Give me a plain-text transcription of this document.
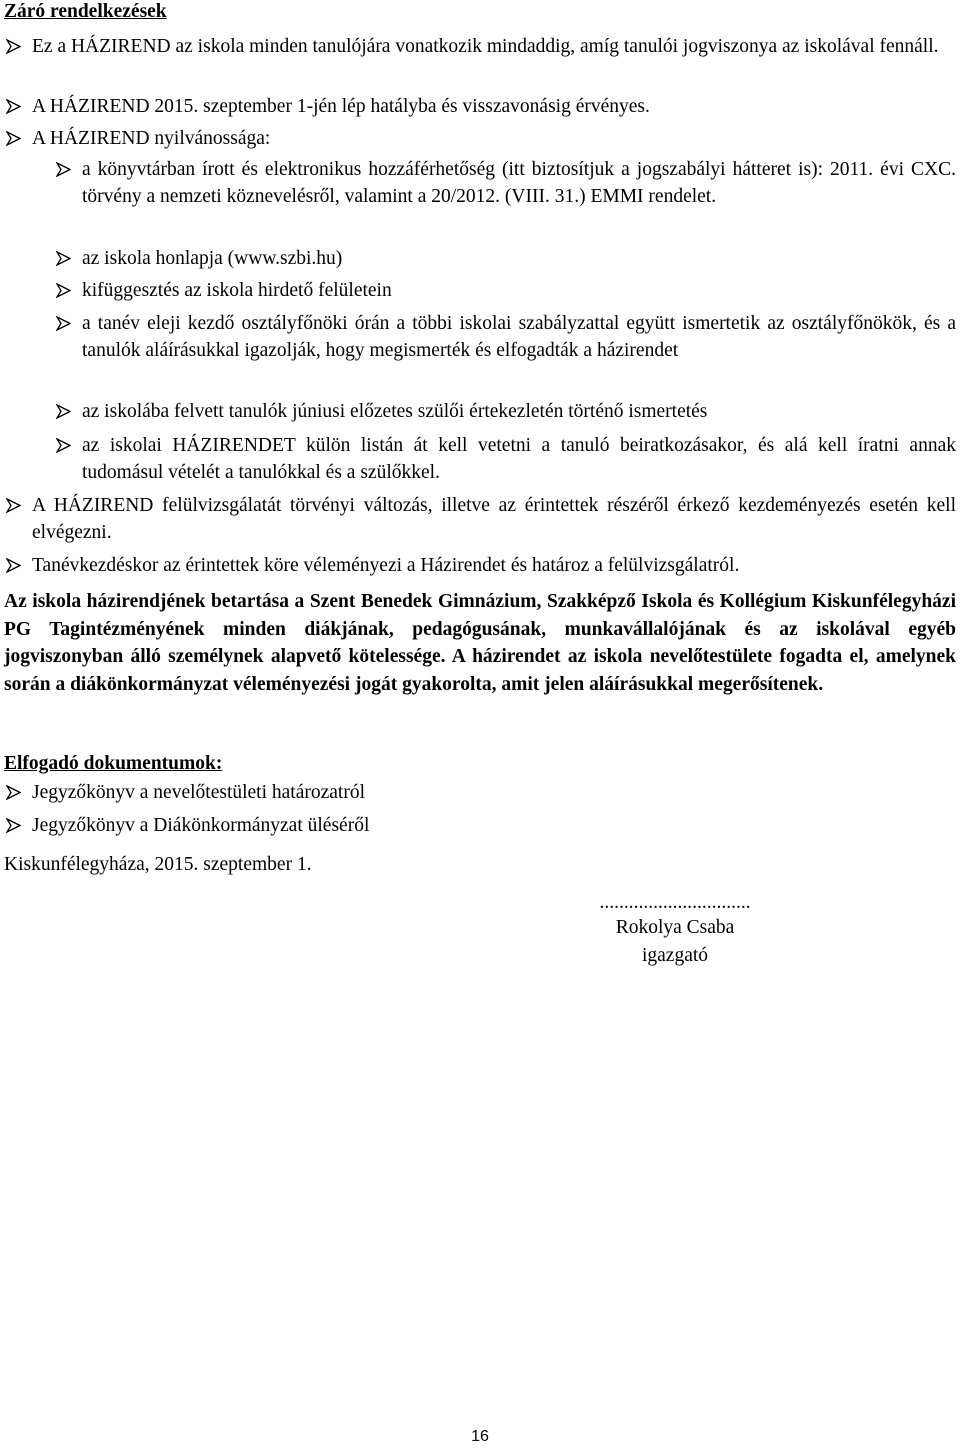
Záró rendelkezések
Ez a HÁZIREND az iskola minden tanulójára vonatkozik mindaddig, amíg tanulói jogviszonya az iskolával fennáll.
A HÁZIREND 2015. szeptember 1-jén lép hatályba és visszavonásig érvényes.
A HÁZIREND nyilvánossága:
a könyvtárban írott és elektronikus hozzáférhetőség (itt biztosítjuk a jogszabályi hátteret is): 2011. évi CXC. törvény a nemzeti köznevelésről, valamint a 20/2012. (VIII. 31.) EMMI rendelet.
az iskola honlapja (www.szbi.hu)
kifüggesztés az iskola hirdető felületein
a tanév eleji kezdő osztályfőnöki órán a többi iskolai szabályzattal együtt ismertetik az osztályfőnökök, és a tanulók aláírásukkal igazolják, hogy megismerték és elfogadták a házirendet
az iskolába felvett tanulók júniusi előzetes szülői értekezletén történő ismertetés
az iskolai HÁZIRENDET külön listán át kell vetetni a tanuló beiratkozásakor, és alá kell íratni annak tudomásul vételét a tanulókkal és a szülőkkel.
A HÁZIREND felülvizsgálatát törvényi változás, illetve az érintettek részéről érkező kezdeményezés esetén kell elvégezni.
Tanévkezdéskor az érintettek köre véleményezi a Házirendet és határoz a felülvizsgálatról.
Az iskola házirendjének betartása a Szent Benedek Gimnázium, Szakképző Iskola és Kollégium Kiskunfélegyházi PG Tagintézményének minden diákjának, pedagógusának, munkavállalójának és az iskolával egyéb jogviszonyban álló személynek alapvető kötelessége. A házirendet az iskola nevelőtestülete fogadta el, amelynek során a diákönkormányzat véleményezési jogát gyakorolta, amit jelen aláírásukkal megerősítenek.
Elfogadó dokumentumok:
Jegyzőkönyv a nevelőtestületi határozatról
Jegyzőkönyv a Diákönkormányzat üléséről
Kiskunfélegyháza, 2015. szeptember 1.
...............................
Rokolya Csaba
igazgató
16
